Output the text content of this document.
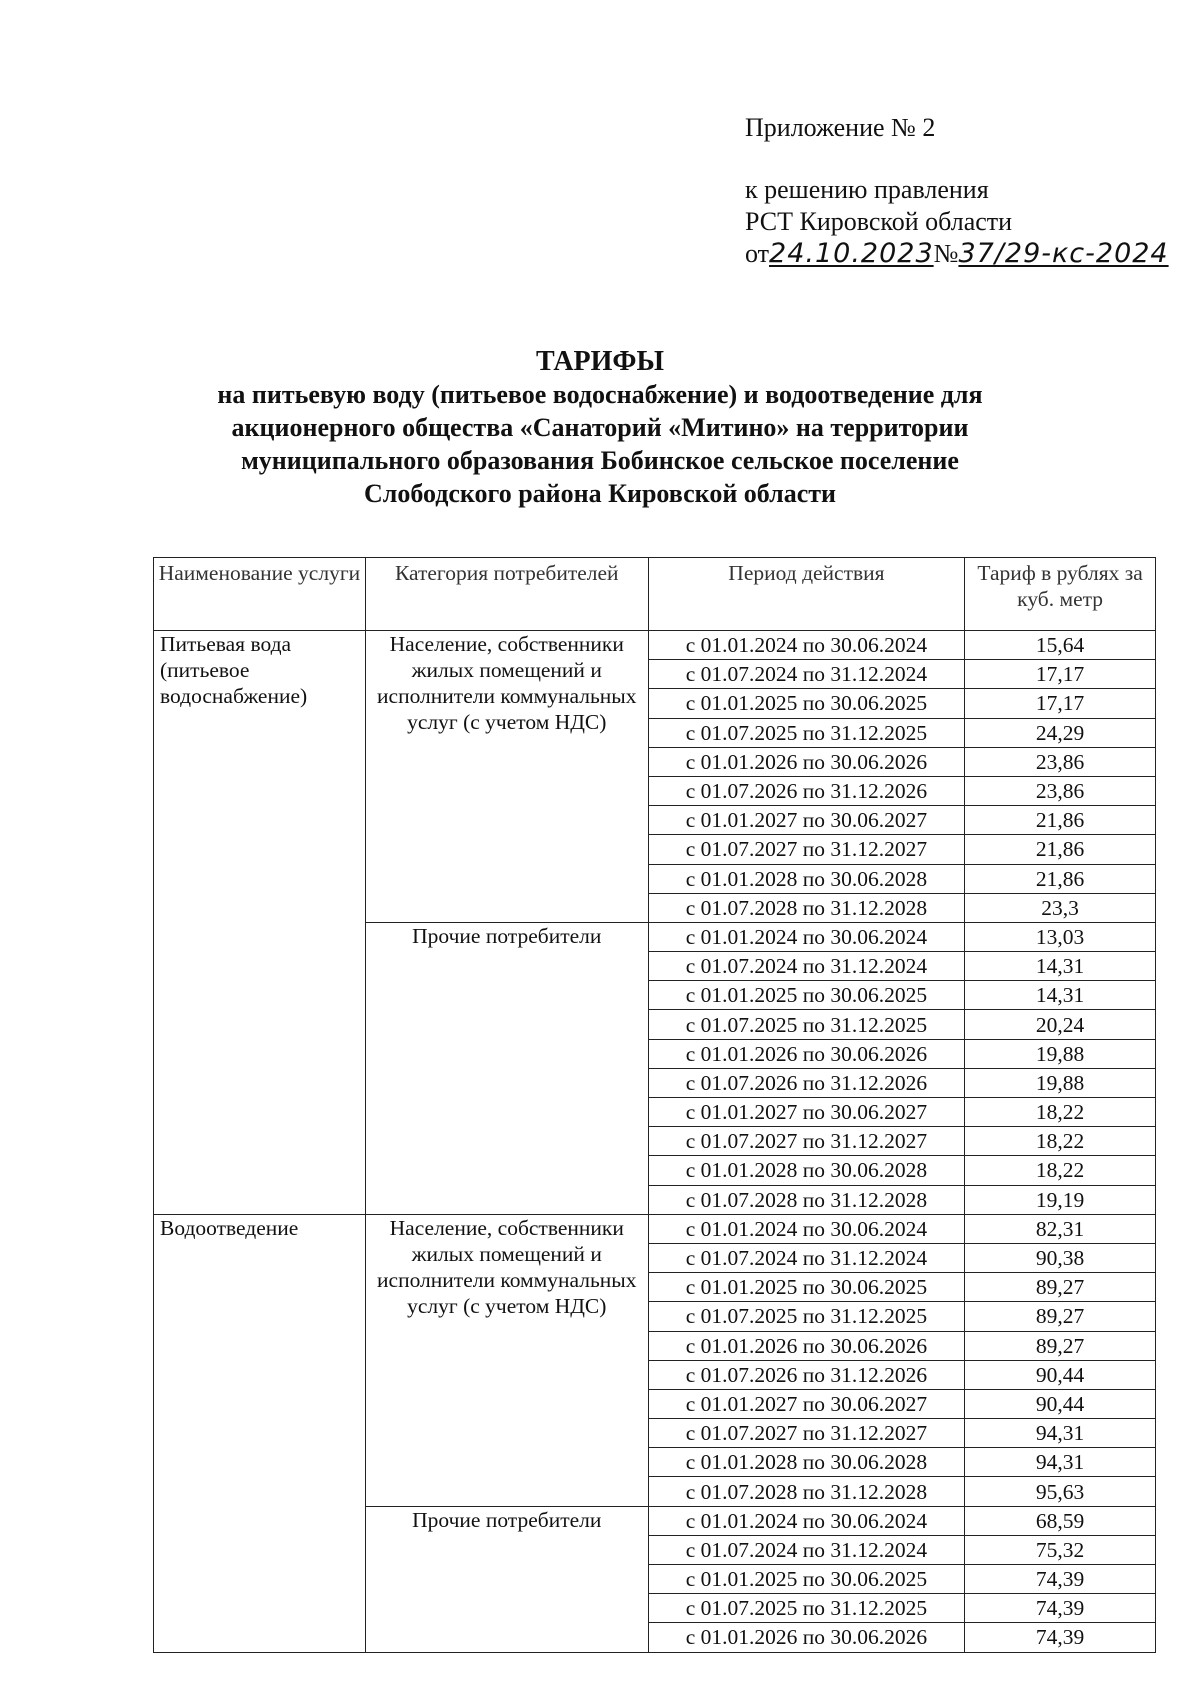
Приложение № 2
к решению правления
РСТ Кировской области
от24.10.2023№37/29-кс-2024
ТАРИФЫ
на питьевую воду (питьевое водоснабжение) и водоотведение для
акционерного общества «Санаторий «Митино» на территории
муниципального образования Бобинское сельское поселение
Слободского района Кировской области
Наименование услуги	Категория потребителей	Период действия	Тариф в рублях за куб. метр
Питьевая вода (питьевое водоснабжение)	Население, собственники жилых помещений и исполнители коммунальных услуг (с учетом НДС)	с 01.01.2024 по 30.06.2024	15,64
		с 01.07.2024 по 31.12.2024	17,17
		с 01.01.2025 по 30.06.2025	17,17
		с 01.07.2025 по 31.12.2025	24,29
		с 01.01.2026 по 30.06.2026	23,86
		с 01.07.2026 по 31.12.2026	23,86
		с 01.01.2027 по 30.06.2027	21,86
		с 01.07.2027 по 31.12.2027	21,86
		с 01.01.2028 по 30.06.2028	21,86
		с 01.07.2028 по 31.12.2028	23,3
	Прочие потребители	с 01.01.2024 по 30.06.2024	13,03
		с 01.07.2024 по 31.12.2024	14,31
		с 01.01.2025 по 30.06.2025	14,31
		с 01.07.2025 по 31.12.2025	20,24
		с 01.01.2026 по 30.06.2026	19,88
		с 01.07.2026 по 31.12.2026	19,88
		с 01.01.2027 по 30.06.2027	18,22
		с 01.07.2027 по 31.12.2027	18,22
		с 01.01.2028 по 30.06.2028	18,22
		с 01.07.2028 по 31.12.2028	19,19
Водоотведение	Население, собственники жилых помещений и исполнители коммунальных услуг (с учетом НДС)	с 01.01.2024 по 30.06.2024	82,31
		с 01.07.2024 по 31.12.2024	90,38
		с 01.01.2025 по 30.06.2025	89,27
		с 01.07.2025 по 31.12.2025	89,27
		с 01.01.2026 по 30.06.2026	89,27
		с 01.07.2026 по 31.12.2026	90,44
		с 01.01.2027 по 30.06.2027	90,44
		с 01.07.2027 по 31.12.2027	94,31
		с 01.01.2028 по 30.06.2028	94,31
		с 01.07.2028 по 31.12.2028	95,63
	Прочие потребители	с 01.01.2024 по 30.06.2024	68,59
		с 01.07.2024 по 31.12.2024	75,32
		с 01.01.2025 по 30.06.2025	74,39
		с 01.07.2025 по 31.12.2025	74,39
		с 01.01.2026 по 30.06.2026	74,39
